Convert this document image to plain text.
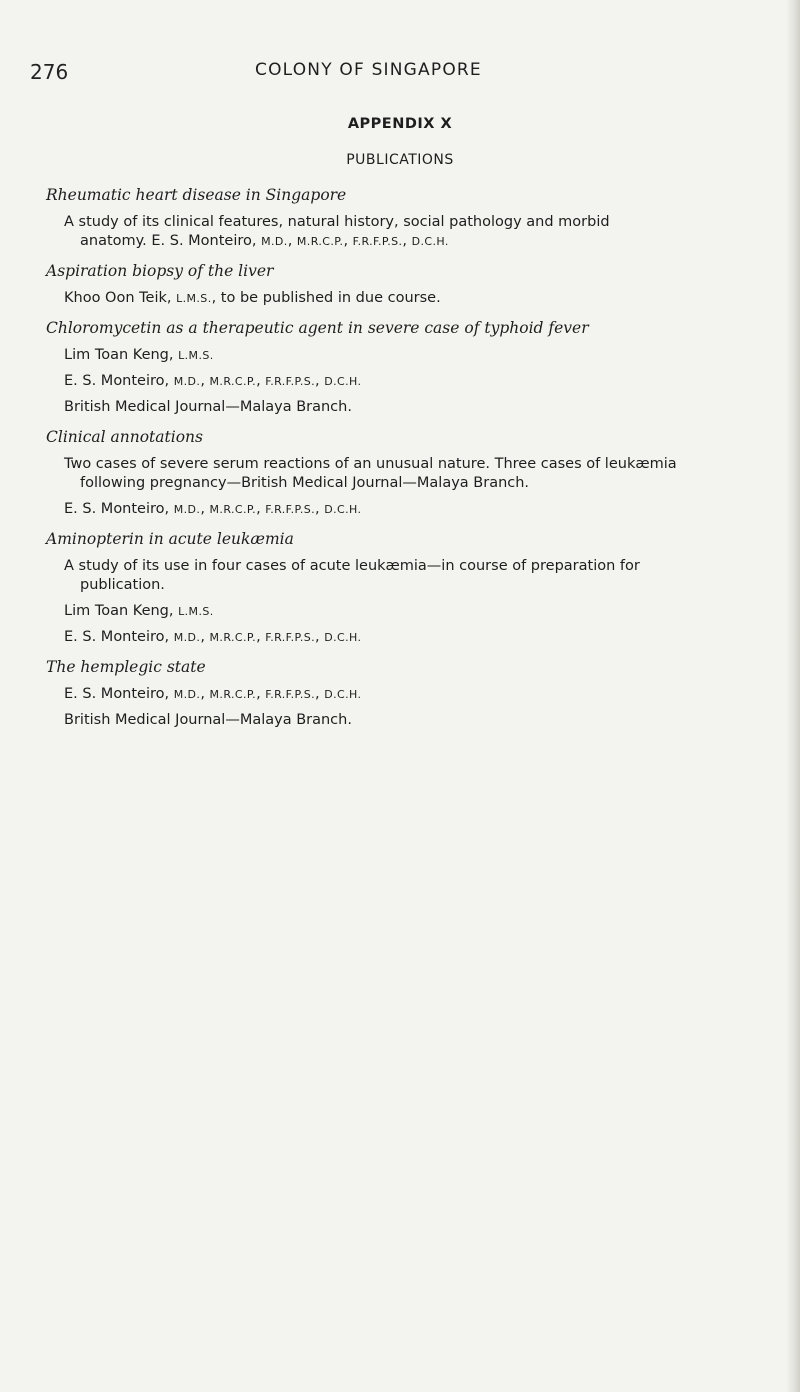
276	COLONY OF SINGAPORE
APPENDIX X
PUBLICATIONS
Rheumatic heart disease in Singapore
A study of its clinical features, natural history, social pathology and morbid
anatomy. E. S. Monteiro, M.D., M.R.C.P., F.R.F.P.S., D.C.H.
Aspiration biopsy of the liver
Khoo Oon Teik, L.M.S., to be published in due course.
Chloromycetin as a therapeutic agent in severe case of typhoid fever
Lim Toan Keng, L.M.S.
E. S. Monteiro, M.D., M.R.C.P., F.R.F.P.S., D.C.H.
British Medical Journal—Malaya Branch.
Clinical annotations
Two cases of severe serum reactions of an unusual nature. Three cases of leukæmia
following pregnancy—British Medical Journal—Malaya Branch.
E. S. Monteiro, M.D., M.R.C.P., F.R.F.P.S., D.C.H.
Aminopterin in acute leukæmia
A study of its use in four cases of acute leukæmia—in course of preparation for
publication.
Lim Toan Keng, L.M.S.
E. S. Monteiro, M.D., M.R.C.P., F.R.F.P.S., D.C.H.
The hemplegic state
E. S. Monteiro, M.D., M.R.C.P., F.R.F.P.S., D.C.H.
British Medical Journal—Malaya Branch.
